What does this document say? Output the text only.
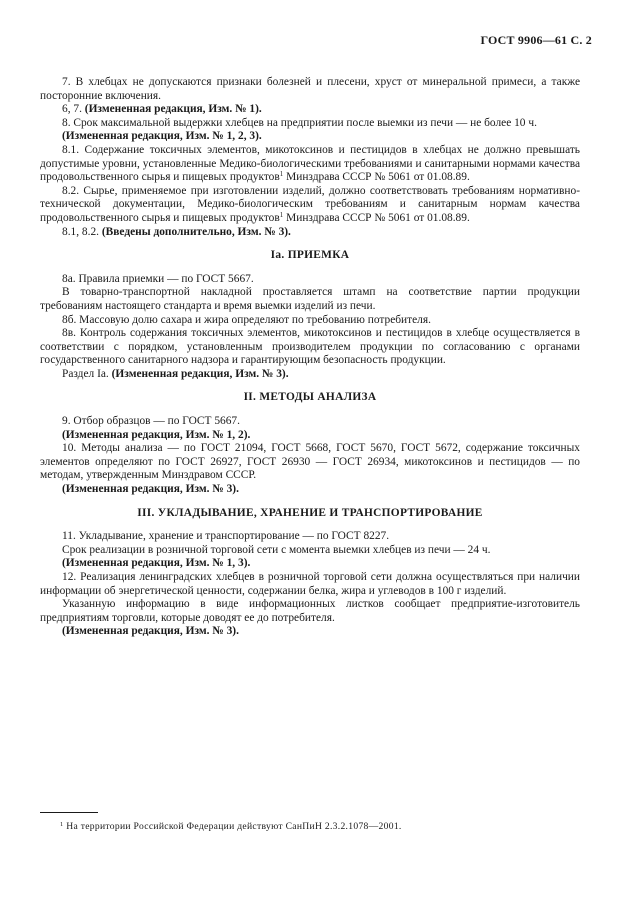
ГОСТ 9906—61 С. 2

7. В хлебцах не допускаются признаки болезней и плесени, хруст от минеральной примеси, а также посторонние включения.

6, 7. (Измененная редакция, Изм. № 1).

8. Срок максимальной выдержки хлебцев на предприятии после выемки из печи — не более 10 ч.

(Измененная редакция, Изм. № 1, 2, 3).

8.1. Содержание токсичных элементов, микотоксинов и пестицидов в хлебцах не должно превышать допустимые уровни, установленные Медико-биологическими требованиями и санитарными нормами качества продовольственного сырья и пищевых продуктов$^1$ Минздрава СССР № 5061 от 01.08.89.

8.2. Сырье, применяемое при изготовлении изделий, должно соответствовать требованиям нормативно-технической документации, Медико-биологическим требованиям и санитарным нормам качества продовольственного сырья и пищевых продуктов$^1$ Минздрава СССР № 5061 от 01.08.89.

8.1, 8.2. (Введены дополнительно, Изм. № 3).

Iа. ПРИЕМКА

8а. Правила приемки — по ГОСТ 5667.

В товарно-транспортной накладной проставляется штамп на соответствие партии продукции требованиям настоящего стандарта и время выемки изделий из печи.

8б. Массовую долю сахара и жира определяют по требованию потребителя.

8в. Контроль содержания токсичных элементов, микотоксинов и пестицидов в хлебце осуществляется в соответствии с порядком, установленным производителем продукции по согласованию с органами государственного санитарного надзора и гарантирующим безопасность продукции.

Раздел Iа. (Измененная редакция, Изм. № 3).

II. МЕТОДЫ АНАЛИЗА

9. Отбор образцов — по ГОСТ 5667.

(Измененная редакция, Изм. № 1, 2).

10. Методы анализа — по ГОСТ 21094, ГОСТ 5668, ГОСТ 5670, ГОСТ 5672, содержание токсичных элементов определяют по ГОСТ 26927, ГОСТ 26930 — ГОСТ 26934, микотоксинов и пестицидов — по методам, утвержденным Минздравом СССР.

(Измененная редакция, Изм. № 3).

III. УКЛАДЫВАНИЕ, ХРАНЕНИЕ И ТРАНСПОРТИРОВАНИЕ

11. Укладывание, хранение и транспортирование — по ГОСТ 8227.

Срок реализации в розничной торговой сети с момента выемки хлебцев из печи — 24 ч.

(Измененная редакция, Изм. № 1, 3).

12. Реализация ленинградских хлебцев в розничной торговой сети должна осуществляться при наличии информации об энергетической ценности, содержании белка, жира и углеводов в 100 г изделий.

Указанную информацию в виде информационных листков сообщает предприятие-изготовитель предприятиям торговли, которые доводят ее до потребителя.

(Измененная редакция, Изм. № 3).

$^1$ На территории Российской Федерации действуют СанПиН 2.3.2.1078—2001.
